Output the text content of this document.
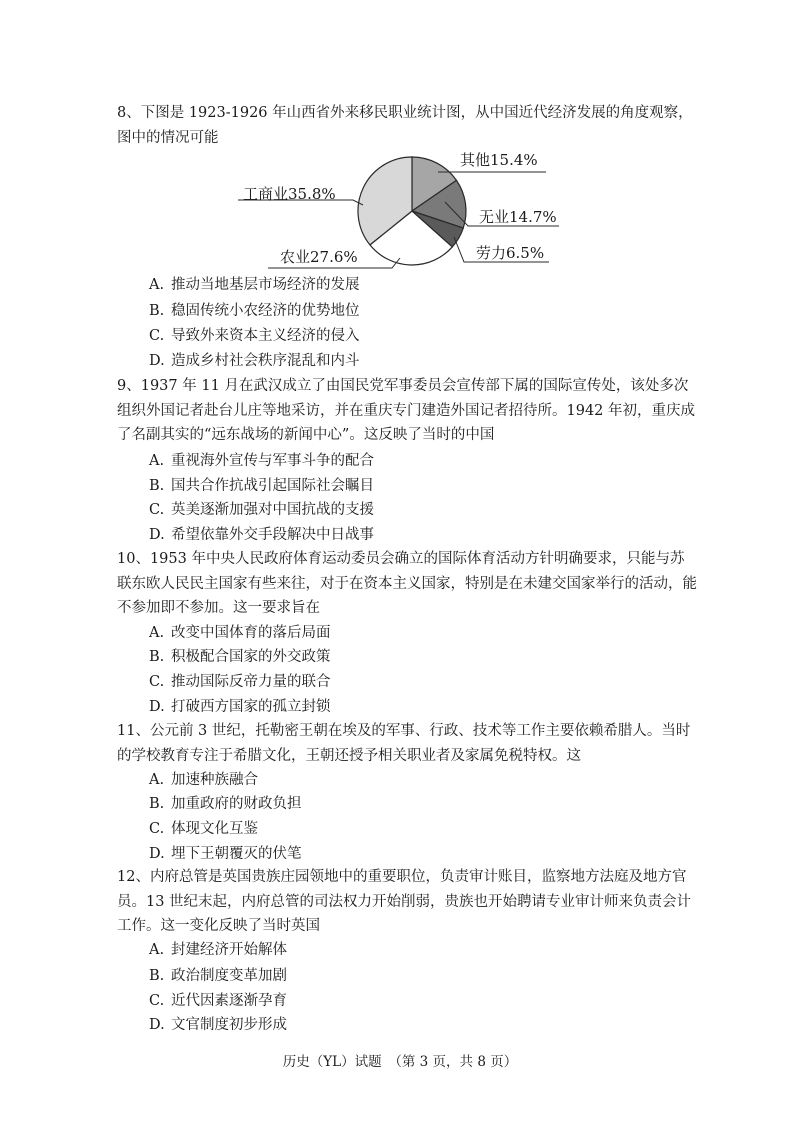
8、下图是 1923-1926 年山西省外来移民职业统计图，从中国近代经济发展的角度观察，图中的情况可能
其他15.4%
无业14.7%
劳力6.5%
农业27.6%
工商业35.8%
A. 推动当地基层市场经济的发展
B. 稳固传统小农经济的优势地位
C. 导致外来资本主义经济的侵入
D. 造成乡村社会秩序混乱和内斗
9、1937 年 11 月在武汉成立了由国民党军事委员会宣传部下属的国际宣传处，该处多次组织外国记者赴台儿庄等地采访，并在重庆专门建造外国记者招待所。1942 年初，重庆成了名副其实的“远东战场的新闻中心”。这反映了当时的中国
A. 重视海外宣传与军事斗争的配合
B. 国共合作抗战引起国际社会瞩目
C. 英美逐渐加强对中国抗战的支援
D. 希望依靠外交手段解决中日战事
10、1953 年中央人民政府体育运动委员会确立的国际体育活动方针明确要求，只能与苏联东欧人民民主国家有些来往，对于在资本主义国家，特别是在未建交国家举行的活动，能不参加即不参加。这一要求旨在
A. 改变中国体育的落后局面
B. 积极配合国家的外交政策
C. 推动国际反帝力量的联合
D. 打破西方国家的孤立封锁
11、公元前 3 世纪，托勒密王朝在埃及的军事、行政、技术等工作主要依赖希腊人。当时的学校教育专注于希腊文化，王朝还授予相关职业者及家属免税特权。这
A. 加速种族融合
B. 加重政府的财政负担
C. 体现文化互鉴
D. 埋下王朝覆灭的伏笔
12、内府总管是英国贵族庄园领地中的重要职位，负责审计账目，监察地方法庭及地方官员。13 世纪末起，内府总管的司法权力开始削弱，贵族也开始聘请专业审计师来负责会计工作。这一变化反映了当时英国
A. 封建经济开始解体
B. 政治制度变革加剧
C. 近代因素逐渐孕育
D. 文官制度初步形成
历史（YL）试题　（第 3 页，共 8 页）
